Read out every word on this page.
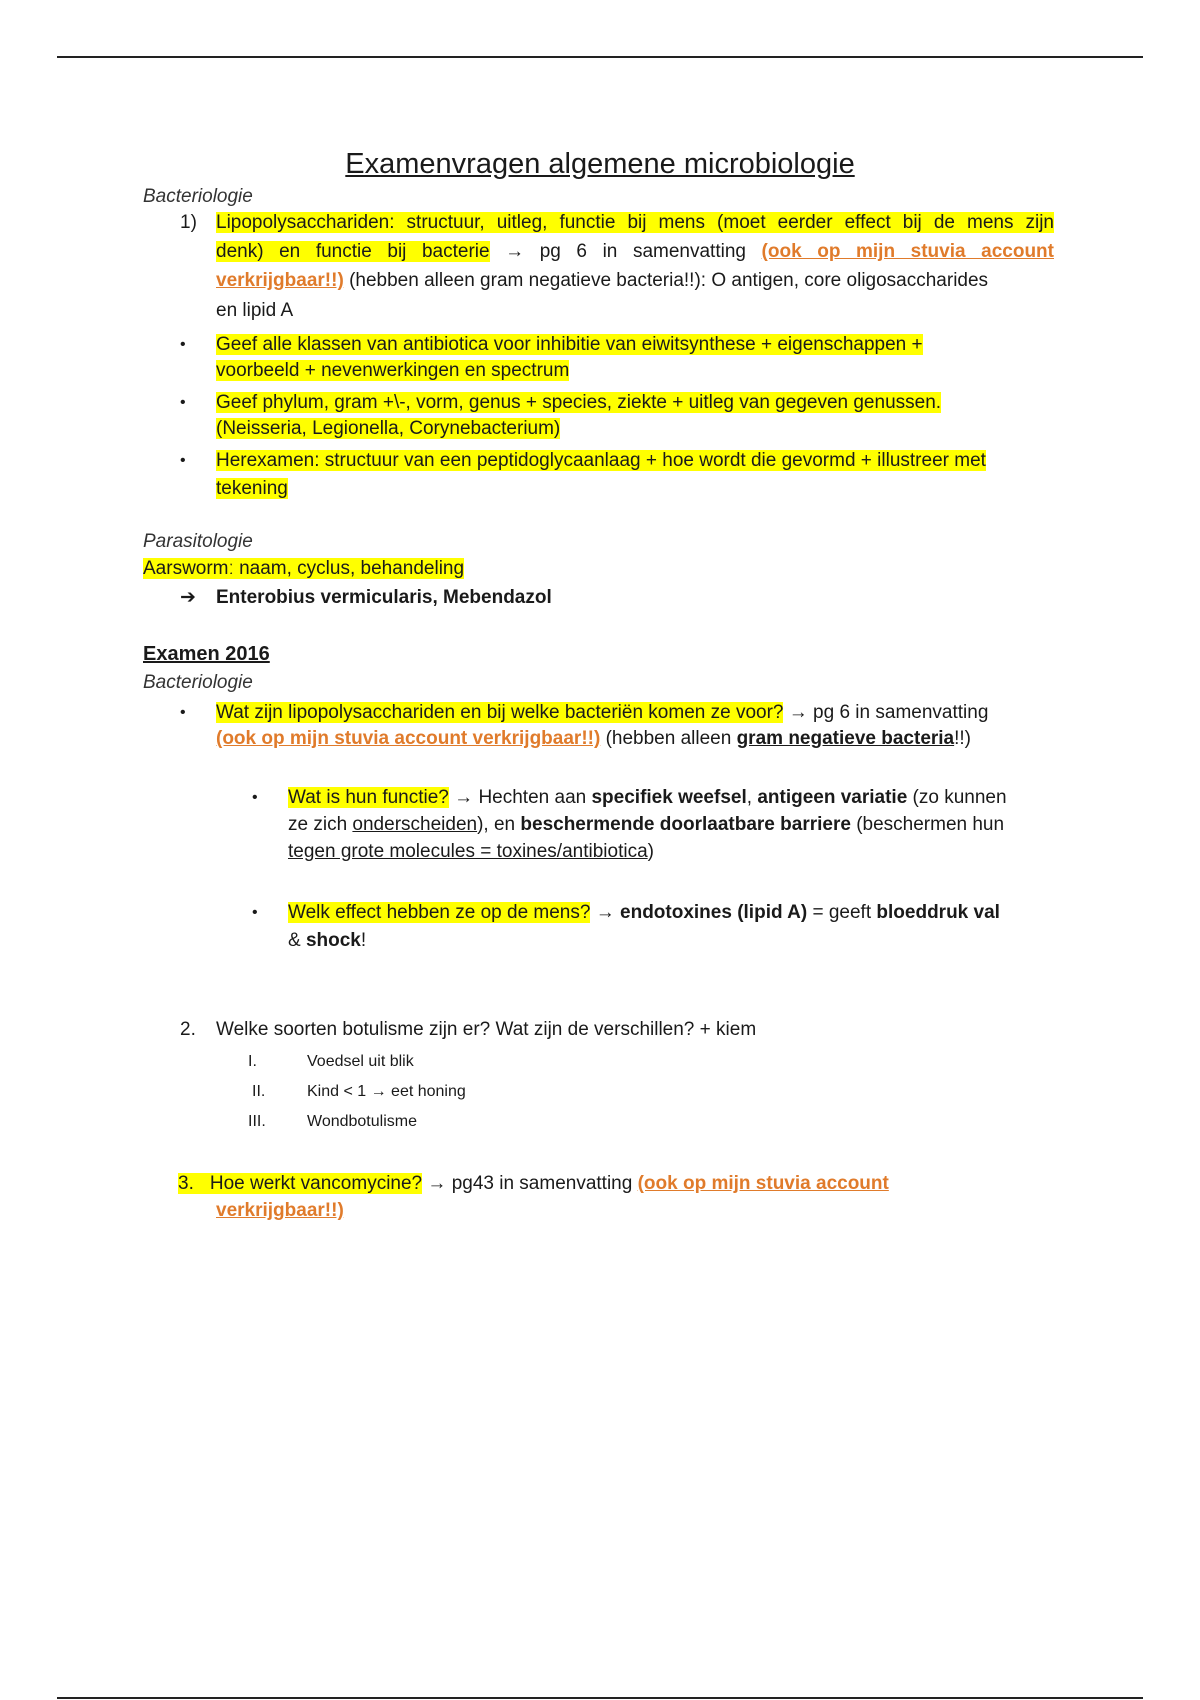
Examenvragen algemene microbiologie
Bacteriologie
1) Lipopolysacchariden: structuur, uitleg, functie bij mens (moet eerder effect bij de mens zijn
denk) en functie bij bacterie → pg 6 in samenvatting (ook op mijn stuvia account
verkrijgbaar!!) (hebben alleen gram negatieve bacteria!!): O antigen, core oligosaccharides
en lipid A
• Geef alle klassen van antibiotica voor inhibitie van eiwitsynthese + eigenschappen +
voorbeeld + nevenwerkingen en spectrum
• Geef phylum, gram +\-, vorm, genus + species, ziekte + uitleg van gegeven genussen.
(Neisseria, Legionella, Corynebacterium)
• Herexamen: structuur van een peptidoglycaanlaag + hoe wordt die gevormd + illustreer met
tekening
Parasitologie
Aarswormː naam, cyclus, behandeling
➔ Enterobius vermicularis, Mebendazol
Examen 2016
Bacteriologie
• Wat zijn lipopolysacchariden en bij welke bacteriën komen ze voor? → pg 6 in samenvatting
(ook op mijn stuvia account verkrijgbaar!!) (hebben alleen gram negatieve bacteria!!)
• Wat is hun functie? → Hechten aan specifiek weefsel, antigeen variatie (zo kunnen
ze zich onderscheiden), en beschermende doorlaatbare barriere (beschermen hun
tegen grote molecules = toxines/antibiotica)
• Welk effect hebben ze op de mens? → endotoxines (lipid A) = geeft bloeddruk val
& shock!
2. Welke soorten botulisme zijn er? Wat zijn de verschillen? + kiem
I.	Voedsel uit blik
II.	Kind < 1 → eet honing
III.	Wondbotulisme
3. Hoe werkt vancomycine? → pg43 in samenvatting (ook op mijn stuvia account
verkrijgbaar!!)
